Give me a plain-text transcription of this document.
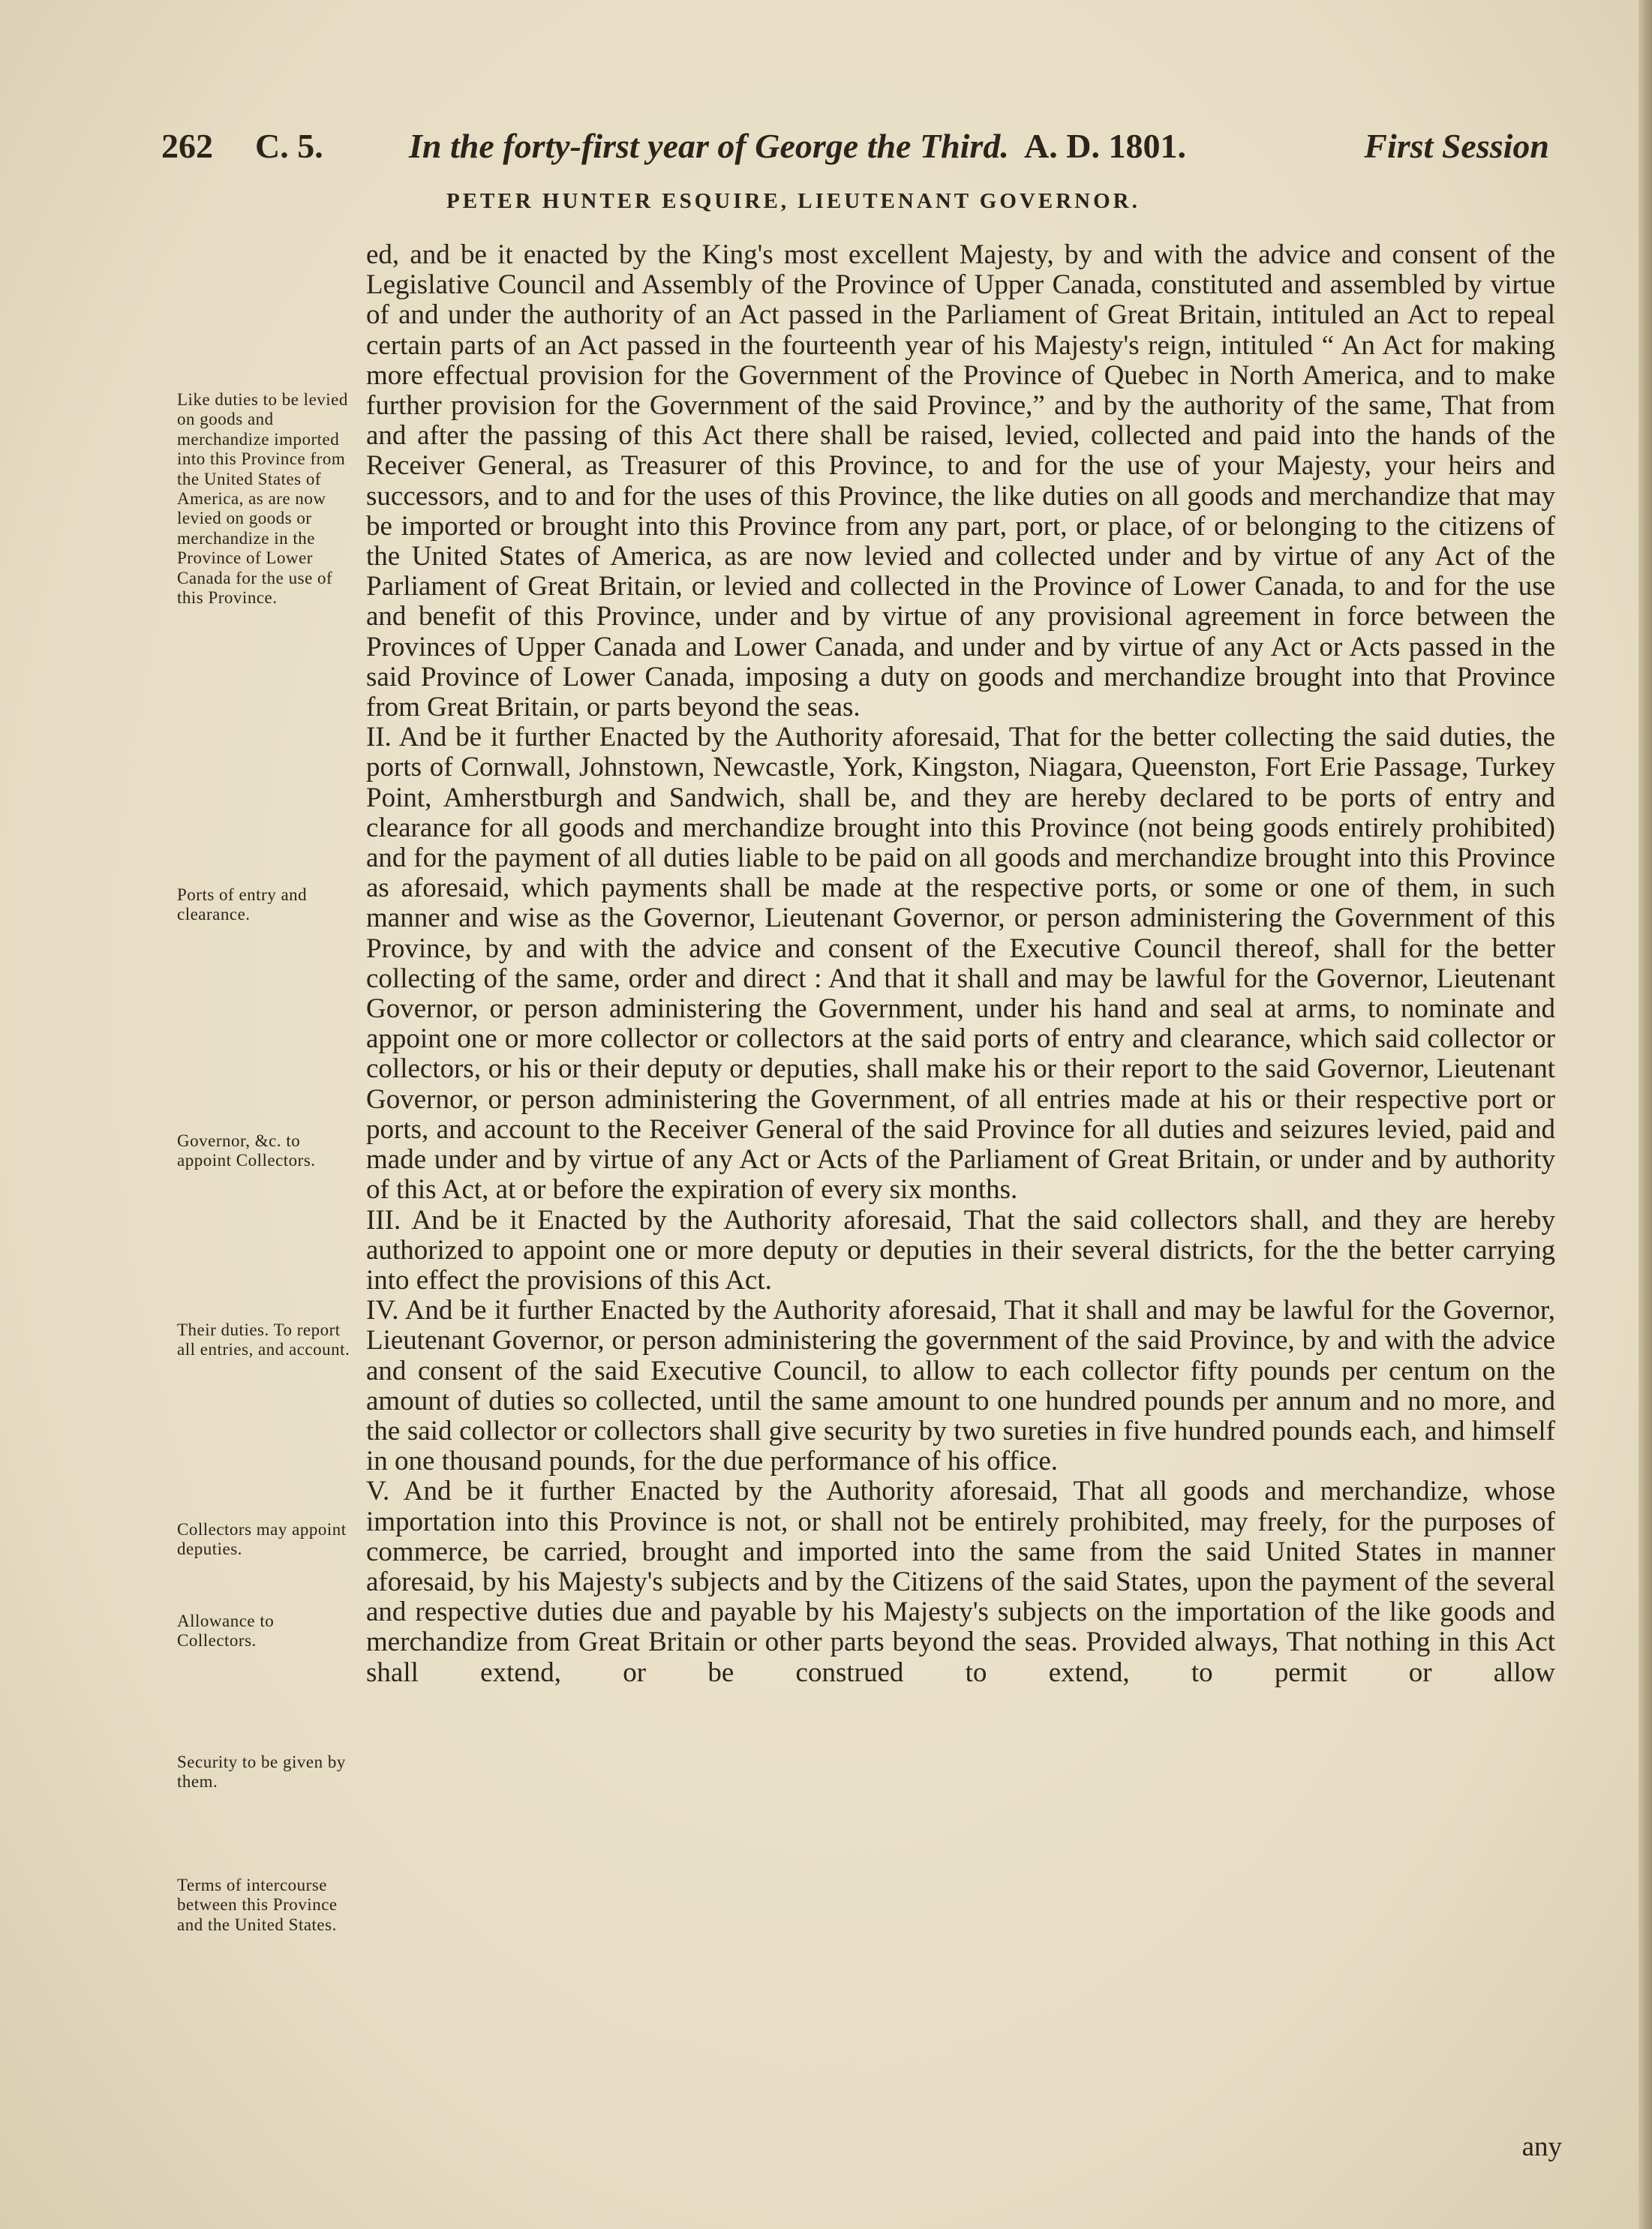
262 C. 5. In the forty-first year of George the Third. A. D. 1801.	First Session
PETER HUNTER ESQUIRE, LIEUTENANT GOVERNOR.

ed, and be it enacted by the King's most excellent Majesty, by and with the advice and consent of the Legislative Council and Assembly of the Province of Upper Canada, constituted and assembled by virtue of and under the authority of an Act passed in the Parliament of Great Britain, intituled an Act to repeal certain parts of an Act passed in the fourteenth year of his Majesty's reign, intituled “ An Act for making more effectual provision for the Government of the Province of Quebec in North America, and to make further provision for the Government of the said Province,” and by the authority of the same, That from and after the passing of this Act there shall be raised, levied, collected and paid into the hands of the Receiver General, as Treasurer of this Province, to and for the use of your Majesty, your heirs and successors, and to and for the uses of this Province, the like duties on all goods and merchandize that may be imported or brought into this Province from any part, port, or place, of or belonging to the citizens of the United States of America, as are now levied and collected under and by virtue of any Act of the Parliament of Great Britain, or levied and collected in the Province of Lower Canada, to and for the use and benefit of this Province, under and by virtue of any provisional agreement in force between the Provinces of Upper Canada and Lower Canada, and under and by virtue of any Act or Acts passed in the said Province of Lower Canada, imposing a duty on goods and merchandize brought into that Province from Great Britain, or parts beyond the seas.

II. And be it further Enacted by the Authority aforesaid, That for the better collecting the said duties, the ports of Cornwall, Johnstown, Newcastle, York, Kingston, Niagara, Queenston, Fort Erie Passage, Turkey Point, Amherstburgh and Sandwich, shall be, and they are hereby declared to be ports of entry and clearance for all goods and merchandize brought into this Province (not being goods entirely prohibited) and for the payment of all duties liable to be paid on all goods and merchandize brought into this Province as aforesaid, which payments shall be made at the respective ports, or some or one of them, in such manner and wise as the Governor, Lieutenant Governor, or person administering the Government of this Province, by and with the advice and consent of the Executive Council thereof, shall for the better collecting of the same, order and direct : And that it shall and may be lawful for the Governor, Lieutenant Governor, or person administering the Government, under his hand and seal at arms, to nominate and appoint one or more collector or collectors at the said ports of entry and clearance, which said collector or collectors, or his or their deputy or deputies, shall make his or their report to the said Governor, Lieutenant Governor, or person administering the Government, of all entries made at his or their respective port or ports, and account to the Receiver General of the said Province for all duties and seizures levied, paid and made under and by virtue of any Act or Acts of the Parliament of Great Britain, or under and by authority of this Act, at or before the expiration of every six months.

III. And be it Enacted by the Authority aforesaid, That the said collectors shall, and they are hereby authorized to appoint one or more deputy or deputies in their several districts, for the the better carrying into effect the provisions of this Act.

IV. And be it further Enacted by the Authority aforesaid, That it shall and may be lawful for the Governor, Lieutenant Governor, or person administering the government of the said Province, by and with the advice and consent of the said Executive Council, to allow to each collector fifty pounds per centum on the amount of duties so collected, until the same amount to one hundred pounds per annum and no more, and the said collector or collectors shall give security by two sureties in five hundred pounds each, and himself in one thousand pounds, for the due performance of his office.

V. And be it further Enacted by the Authority aforesaid, That all goods and merchandize, whose importation into this Province is not, or shall not be entirely prohibited, may freely, for the purposes of commerce, be carried, brought and imported into the same from the said United States in manner aforesaid, by his Majesty's subjects and by the Citizens of the said States, upon the payment of the several and respective duties due and payable by his Majesty's subjects on the importation of the like goods and merchandize from Great Britain or other parts beyond the seas. Provided always, That nothing in this Act shall extend, or be construed to extend, to permit or allow

Like duties to be levied on goods and merchandize imported into this Province from the United States of America, as are now levied on goods or merchandize in the Province of Lower Canada for the use of this Province.
Ports of entry and clearance.
Governor, &c. to appoint Collectors.
Their duties. To report all entries, and account.
Collectors may appoint deputies.
Allowance to Collectors.
Security to be given by them.
Terms of intercourse between this Province and the United States.
any
